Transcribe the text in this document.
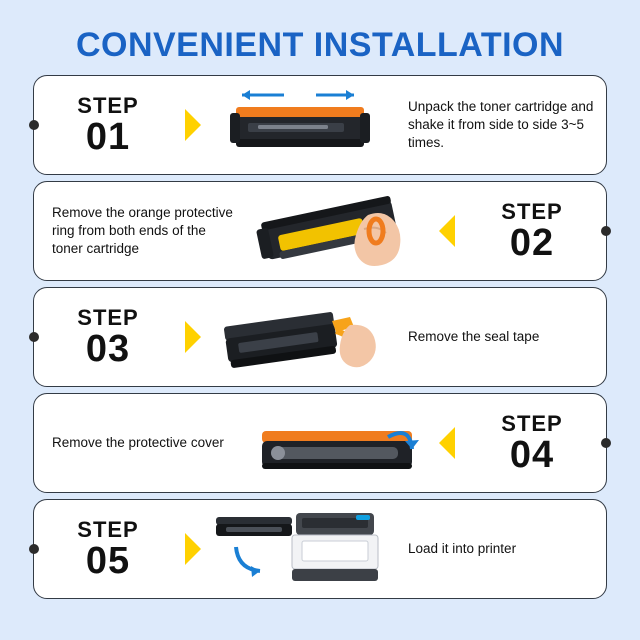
CONVENIENT INSTALLATION
STEP
01
Unpack the toner cartridge and shake it from side to side 3~5 times.
Remove the orange protective ring from both ends of the toner cartridge
STEP
02
STEP
03	Remove the seal tape
Remove the protective cover
STEP
04
STEP
05	Load it into printer
